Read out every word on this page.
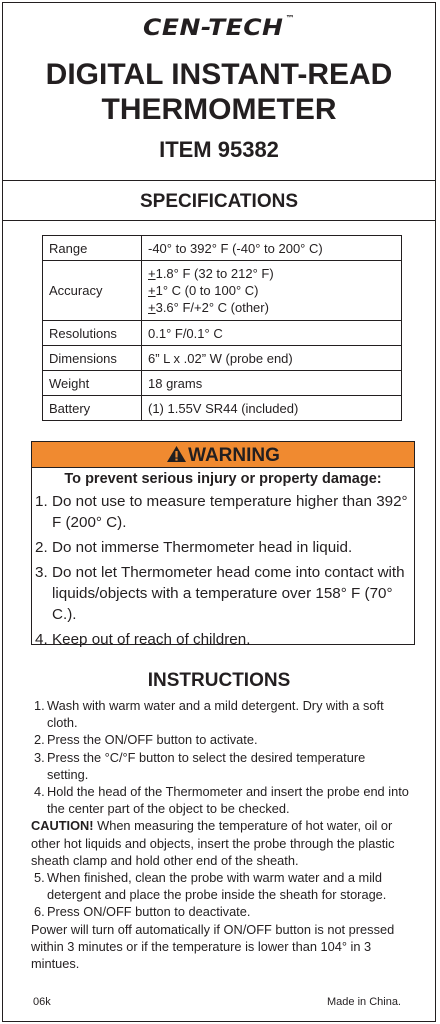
CEN-TECH ™
DIGITAL INSTANT-READ
THERMOMETER
ITEM 95382
SPECIFICATIONS
Range	-40° to 392° F (-40° to 200° C)
Accuracy	+1.8° F (32 to 212° F)
+1° C (0 to 100° C)
+3.6° F/+2° C (other)

Resolutions	0.1° F/0.1° C
Dimensions	6” L x .02” W (probe end)
Weight	18 grams
Battery	(1) 1.55V SR44 (included)
WARNING
To prevent serious injury or property damage:
1. Do not use to measure temperature higher than 392° F (200° C).
2. Do not immerse Thermometer head in liquid.
3. Do not let Thermometer head come into contact with liquids/objects with a temperature over 158° F (70° C.).
4. Keep out of reach of children.
INSTRUCTIONS
1. Wash with warm water and a mild detergent. Dry with a soft cloth.
2. Press the ON/OFF button to activate.
3. Press the °C/°F button to select the desired temperature setting.
4. Hold the head of the Thermometer and insert the probe end into the center part of the object to be checked.
CAUTION! When measuring the temperature of hot water, oil or other hot liquids and objects, insert the probe through the plastic sheath clamp and hold other end of the sheath.
5. When finished, clean the probe with warm water and a mild detergent and place the probe inside the sheath for storage.
6. Press ON/OFF button to deactivate.
Power will turn off automatically if ON/OFF button is not pressed within 3 minutes or if the temperature is lower than 104° in 3 mintues.
06k	Made in China.
